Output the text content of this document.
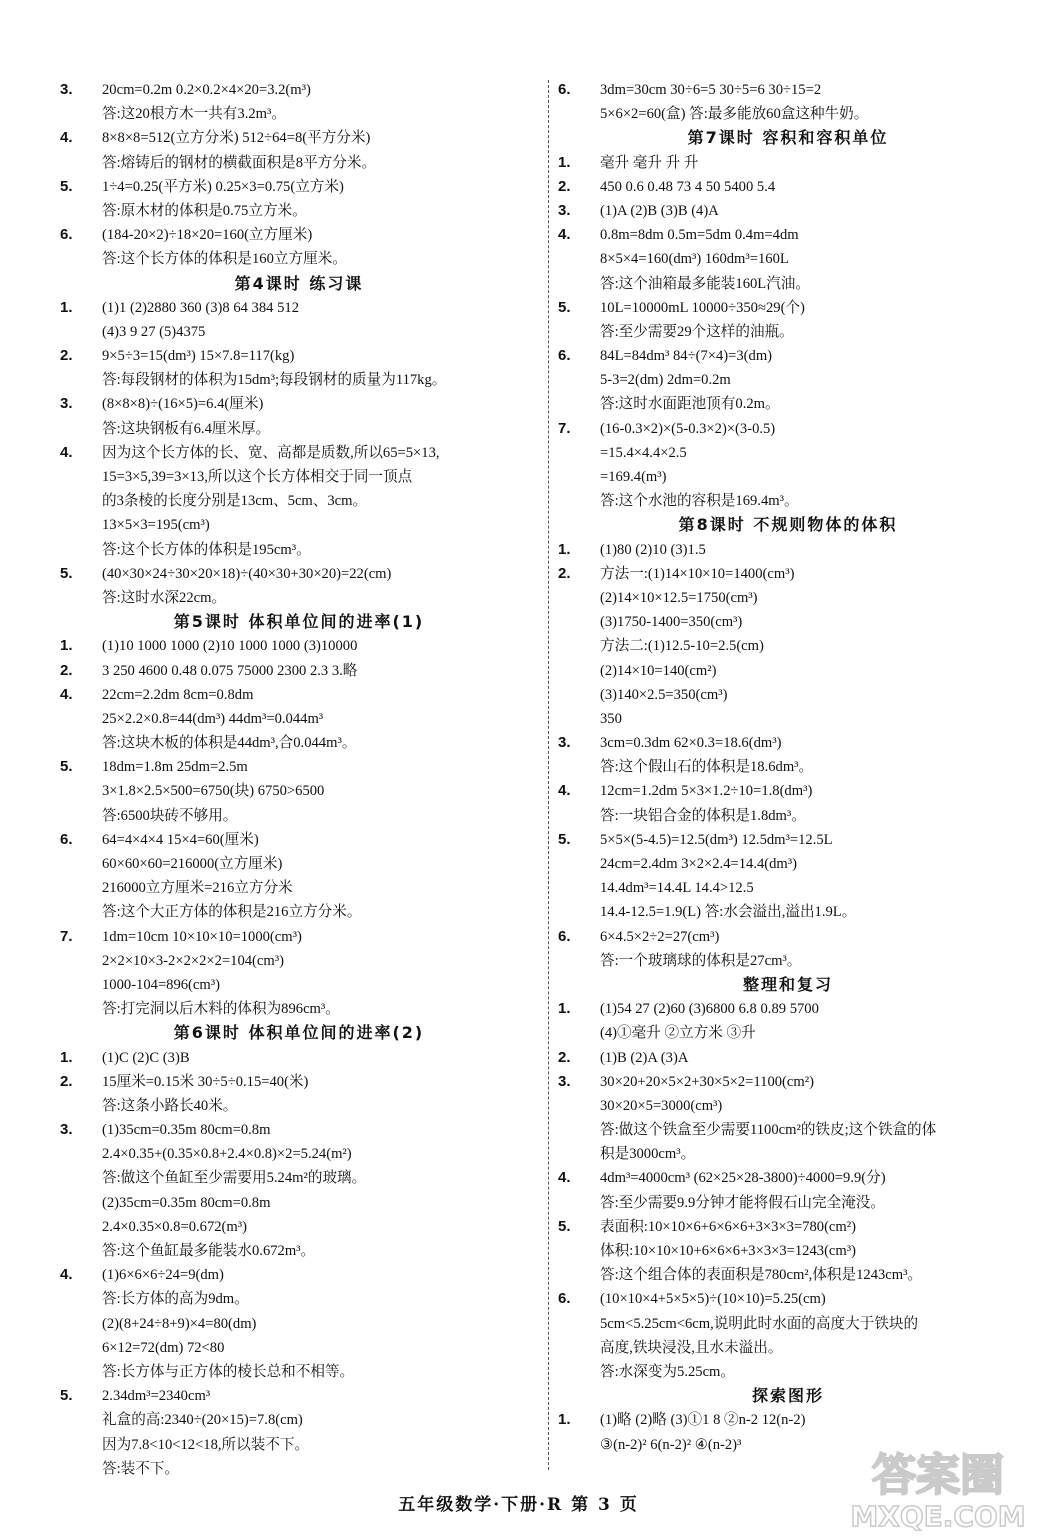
3. 20cm=0.2m 0.2×0.2×4×20=3.2(m³)
答:这20根方木一共有3.2m³。
4. 8×8×8=512(立方分米) 512÷64=8(平方分米)
答:熔铸后的钢材的横截面积是8平方分米。
5. 1÷4=0.25(平方米) 0.25×3=0.75(立方米)
答:原木材的体积是0.75立方米。
6. (184-20×2)÷18×20=160(立方厘米)
答:这个长方体的体积是160立方厘米。
第4课时 练习课
1. (1)1 (2)2880 360 (3)8 64 384 512
(4)3 9 27 (5)4375
2. 9×5÷3=15(dm³) 15×7.8=117(kg)
答:每段钢材的体积为15dm³;每段钢材的质量为117kg。
3. (8×8×8)÷(16×5)=6.4(厘米)
答:这块钢板有6.4厘米厚。
4. 因为这个长方体的长、宽、高都是质数,所以65=5×13,
15=3×5,39=3×13,所以这个长方体相交于同一顶点
的3条棱的长度分别是13cm、5cm、3cm。
13×5×3=195(cm³)
答:这个长方体的体积是195cm³。
5. (40×30×24÷30×20×18)÷(40×30+30×20)=22(cm)
答:这时水深22cm。
第5课时 体积单位间的进率(1)
1. (1)10 1000 1000 (2)10 1000 1000 (3)10000
2. 3 250 4600 0.48 0.075 75000 2300 2.3 3.略
4. 22cm=2.2dm 8cm=0.8dm
25×2.2×0.8=44(dm³) 44dm³=0.044m³
答:这块木板的体积是44dm³,合0.044m³。
5. 18dm=1.8m 25dm=2.5m
3×1.8×2.5×500=6750(块) 6750>6500
答:6500块砖不够用。
6. 64=4×4×4 15×4=60(厘米)
60×60×60=216000(立方厘米)
216000立方厘米=216立方分米
答:这个大正方体的体积是216立方分米。
7. 1dm=10cm 10×10×10=1000(cm³)
2×2×10×3-2×2×2×2=104(cm³)
1000-104=896(cm³)
答:打完洞以后木料的体积为896cm³。
第6课时 体积单位间的进率(2)
1. (1)C (2)C (3)B
2. 15厘米=0.15米 30÷5÷0.15=40(米)
答:这条小路长40米。
3. (1)35cm=0.35m 80cm=0.8m
2.4×0.35+(0.35×0.8+2.4×0.8)×2=5.24(m²)
答:做这个鱼缸至少需要用5.24m²的玻璃。
(2)35cm=0.35m 80cm=0.8m
2.4×0.35×0.8=0.672(m³)
答:这个鱼缸最多能装水0.672m³。
4. (1)6×6×6÷24=9(dm)
答:长方体的高为9dm。
(2)(8+24÷8+9)×4=80(dm)
6×12=72(dm) 72<80
答:长方体与正方体的棱长总和不相等。
5. 2.34dm³=2340cm³
礼盒的高:2340÷(20×15)=7.8(cm)
因为7.8<10<12<18,所以装不下。
答:装不下。
6. 3dm=30cm 30÷6=5 30÷5=6 30÷15=2
5×6×2=60(盒) 答:最多能放60盒这种牛奶。
第7课时 容积和容积单位
1. 毫升 毫升 升 升
2. 450 0.6 0.48 73 4 50 5400 5.4
3. (1)A (2)B (3)B (4)A
4. 0.8m=8dm 0.5m=5dm 0.4m=4dm
8×5×4=160(dm³) 160dm³=160L
答:这个油箱最多能装160L汽油。
5. 10L=10000mL 10000÷350≈29(个)
答:至少需要29个这样的油瓶。
6. 84L=84dm³ 84÷(7×4)=3(dm)
5-3=2(dm) 2dm=0.2m
答:这时水面距池顶有0.2m。
7. (16-0.3×2)×(5-0.3×2)×(3-0.5)
=15.4×4.4×2.5
=169.4(m³)
答:这个水池的容积是169.4m³。
第8课时 不规则物体的体积
1. (1)80 (2)10 (3)1.5
2. 方法一:(1)14×10×10=1400(cm³)
(2)14×10×12.5=1750(cm³)
(3)1750-1400=350(cm³)
方法二:(1)12.5-10=2.5(cm)
(2)14×10=140(cm²)
(3)140×2.5=350(cm³)
350
3. 3cm=0.3dm 62×0.3=18.6(dm³)
答:这个假山石的体积是18.6dm³。
4. 12cm=1.2dm 5×3×1.2÷10=1.8(dm³)
答:一块铝合金的体积是1.8dm³。
5. 5×5×(5-4.5)=12.5(dm³) 12.5dm³=12.5L
24cm=2.4dm 3×2×2.4=14.4(dm³)
14.4dm³=14.4L 14.4>12.5
14.4-12.5=1.9(L) 答:水会溢出,溢出1.9L。
6. 6×4.5×2÷2=27(cm³)
答:一个玻璃球的体积是27cm³。
整理和复习
1. (1)54 27 (2)60 (3)6800 6.8 0.89 5700
(4)①毫升 ②立方米 ③升
2. (1)B (2)A (3)A
3. 30×20+20×5×2+30×5×2=1100(cm²)
30×20×5=3000(cm³)
答:做这个铁盒至少需要1100cm²的铁皮;这个铁盒的体
积是3000cm³。
4. 4dm³=4000cm³ (62×25×28-3800)÷4000=9.9(分)
答:至少需要9.9分钟才能将假石山完全淹没。
5. 表面积:10×10×6+6×6×6+3×3×3=780(cm²)
体积:10×10×10+6×6×6+3×3×3=1243(cm³)
答:这个组合体的表面积是780cm²,体积是1243cm³。
6. (10×10×4+5×5×5)÷(10×10)=5.25(cm)
5cm<5.25cm<6cm,说明此时水面的高度大于铁块的
高度,铁块浸没,且水未溢出。
答:水深变为5.25cm。
探索图形
1. (1)略 (2)略 (3)①1 8 ②n-2 12(n-2)
③(n-2)² 6(n-2)² ④(n-2)³
五年级数学·下册·R 第 3 页
答案圈
MXQE.COM
